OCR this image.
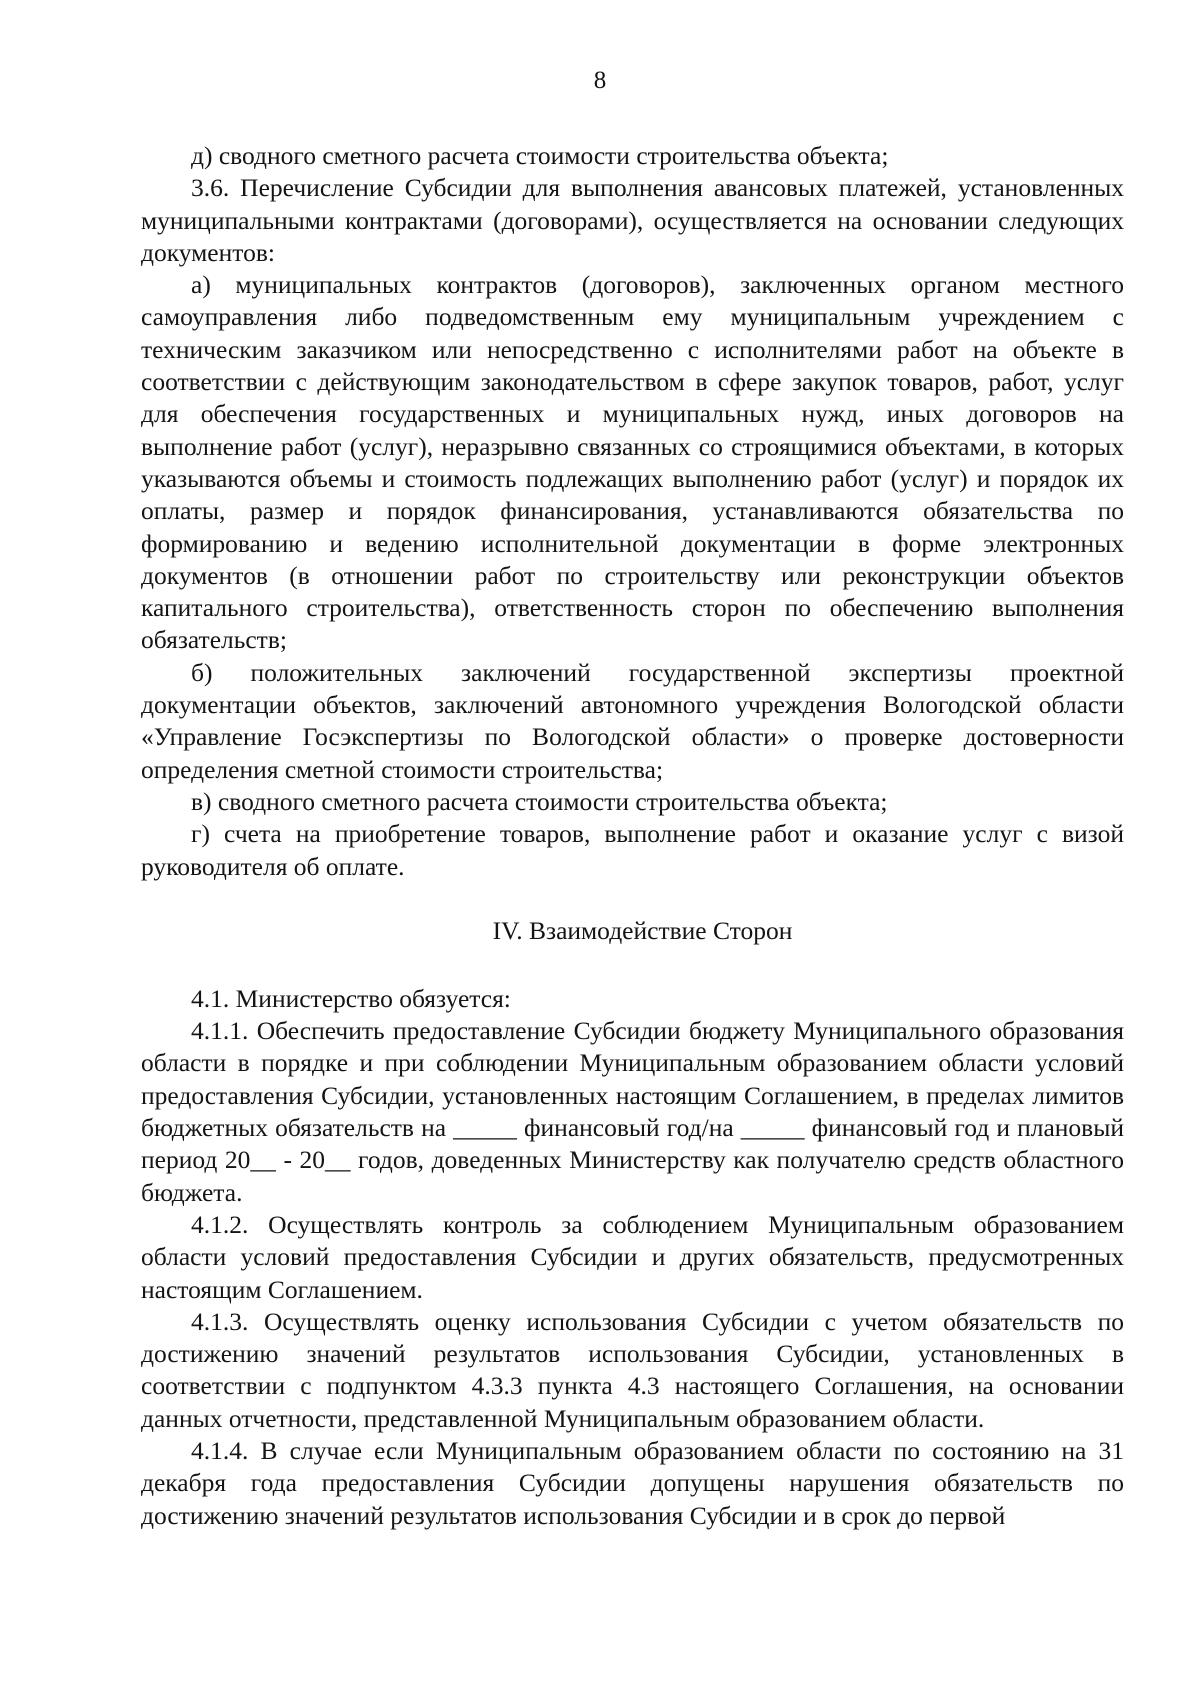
8

д) сводного сметного расчета стоимости строительства объекта;

3.6. Перечисление Субсидии для выполнения авансовых платежей, установленных муниципальными контрактами (договорами), осуществляется на основании следующих документов:

а) муниципальных контрактов (договоров), заключенных органом местного самоуправления либо подведомственным ему муниципальным учреждением с техническим заказчиком или непосредственно с исполнителями работ на объекте в соответствии с действующим законодательством в сфере закупок товаров, работ, услуг для обеспечения государственных и муниципальных нужд, иных договоров на выполнение работ (услуг), неразрывно связанных со строящимися объектами, в которых указываются объемы и стоимость подлежащих выполнению работ (услуг) и порядок их оплаты, размер и порядок финансирования, устанавливаются обязательства по формированию и ведению исполнительной документации в форме электронных документов (в отношении работ по строительству или реконструкции объектов капитального строительства), ответственность сторон по обеспечению выполнения обязательств;

б) положительных заключений государственной экспертизы проектной документации объектов, заключений автономного учреждения Вологодской области «Управление Госэкспертизы по Вологодской области» о проверке достоверности определения сметной стоимости строительства;

в) сводного сметного расчета стоимости строительства объекта;

г) счета на приобретение товаров, выполнение работ и оказание услуг с визой руководителя об оплате.

IV. Взаимодействие Сторон

4.1. Министерство обязуется:

4.1.1. Обеспечить предоставление Субсидии бюджету Муниципального образования области в порядке и при соблюдении Муниципальным образованием области условий предоставления Субсидии, установленных настоящим Соглашением, в пределах лимитов бюджетных обязательств на _____ финансовый год/на _____ финансовый год и плановый период 20__ - 20__ годов, доведенных Министерству как получателю средств областного бюджета.

4.1.2. Осуществлять контроль за соблюдением Муниципальным образованием области условий предоставления Субсидии и других обязательств, предусмотренных настоящим Соглашением.

4.1.3. Осуществлять оценку использования Субсидии с учетом обязательств по достижению значений результатов использования Субсидии, установленных в соответствии с подпунктом 4.3.3 пункта 4.3 настоящего Соглашения, на основании данных отчетности, представленной Муниципальным образованием области.

4.1.4. В случае если Муниципальным образованием области по состоянию на 31 декабря года предоставления Субсидии допущены нарушения обязательств по достижению значений результатов использования Субсидии и в срок до первой
